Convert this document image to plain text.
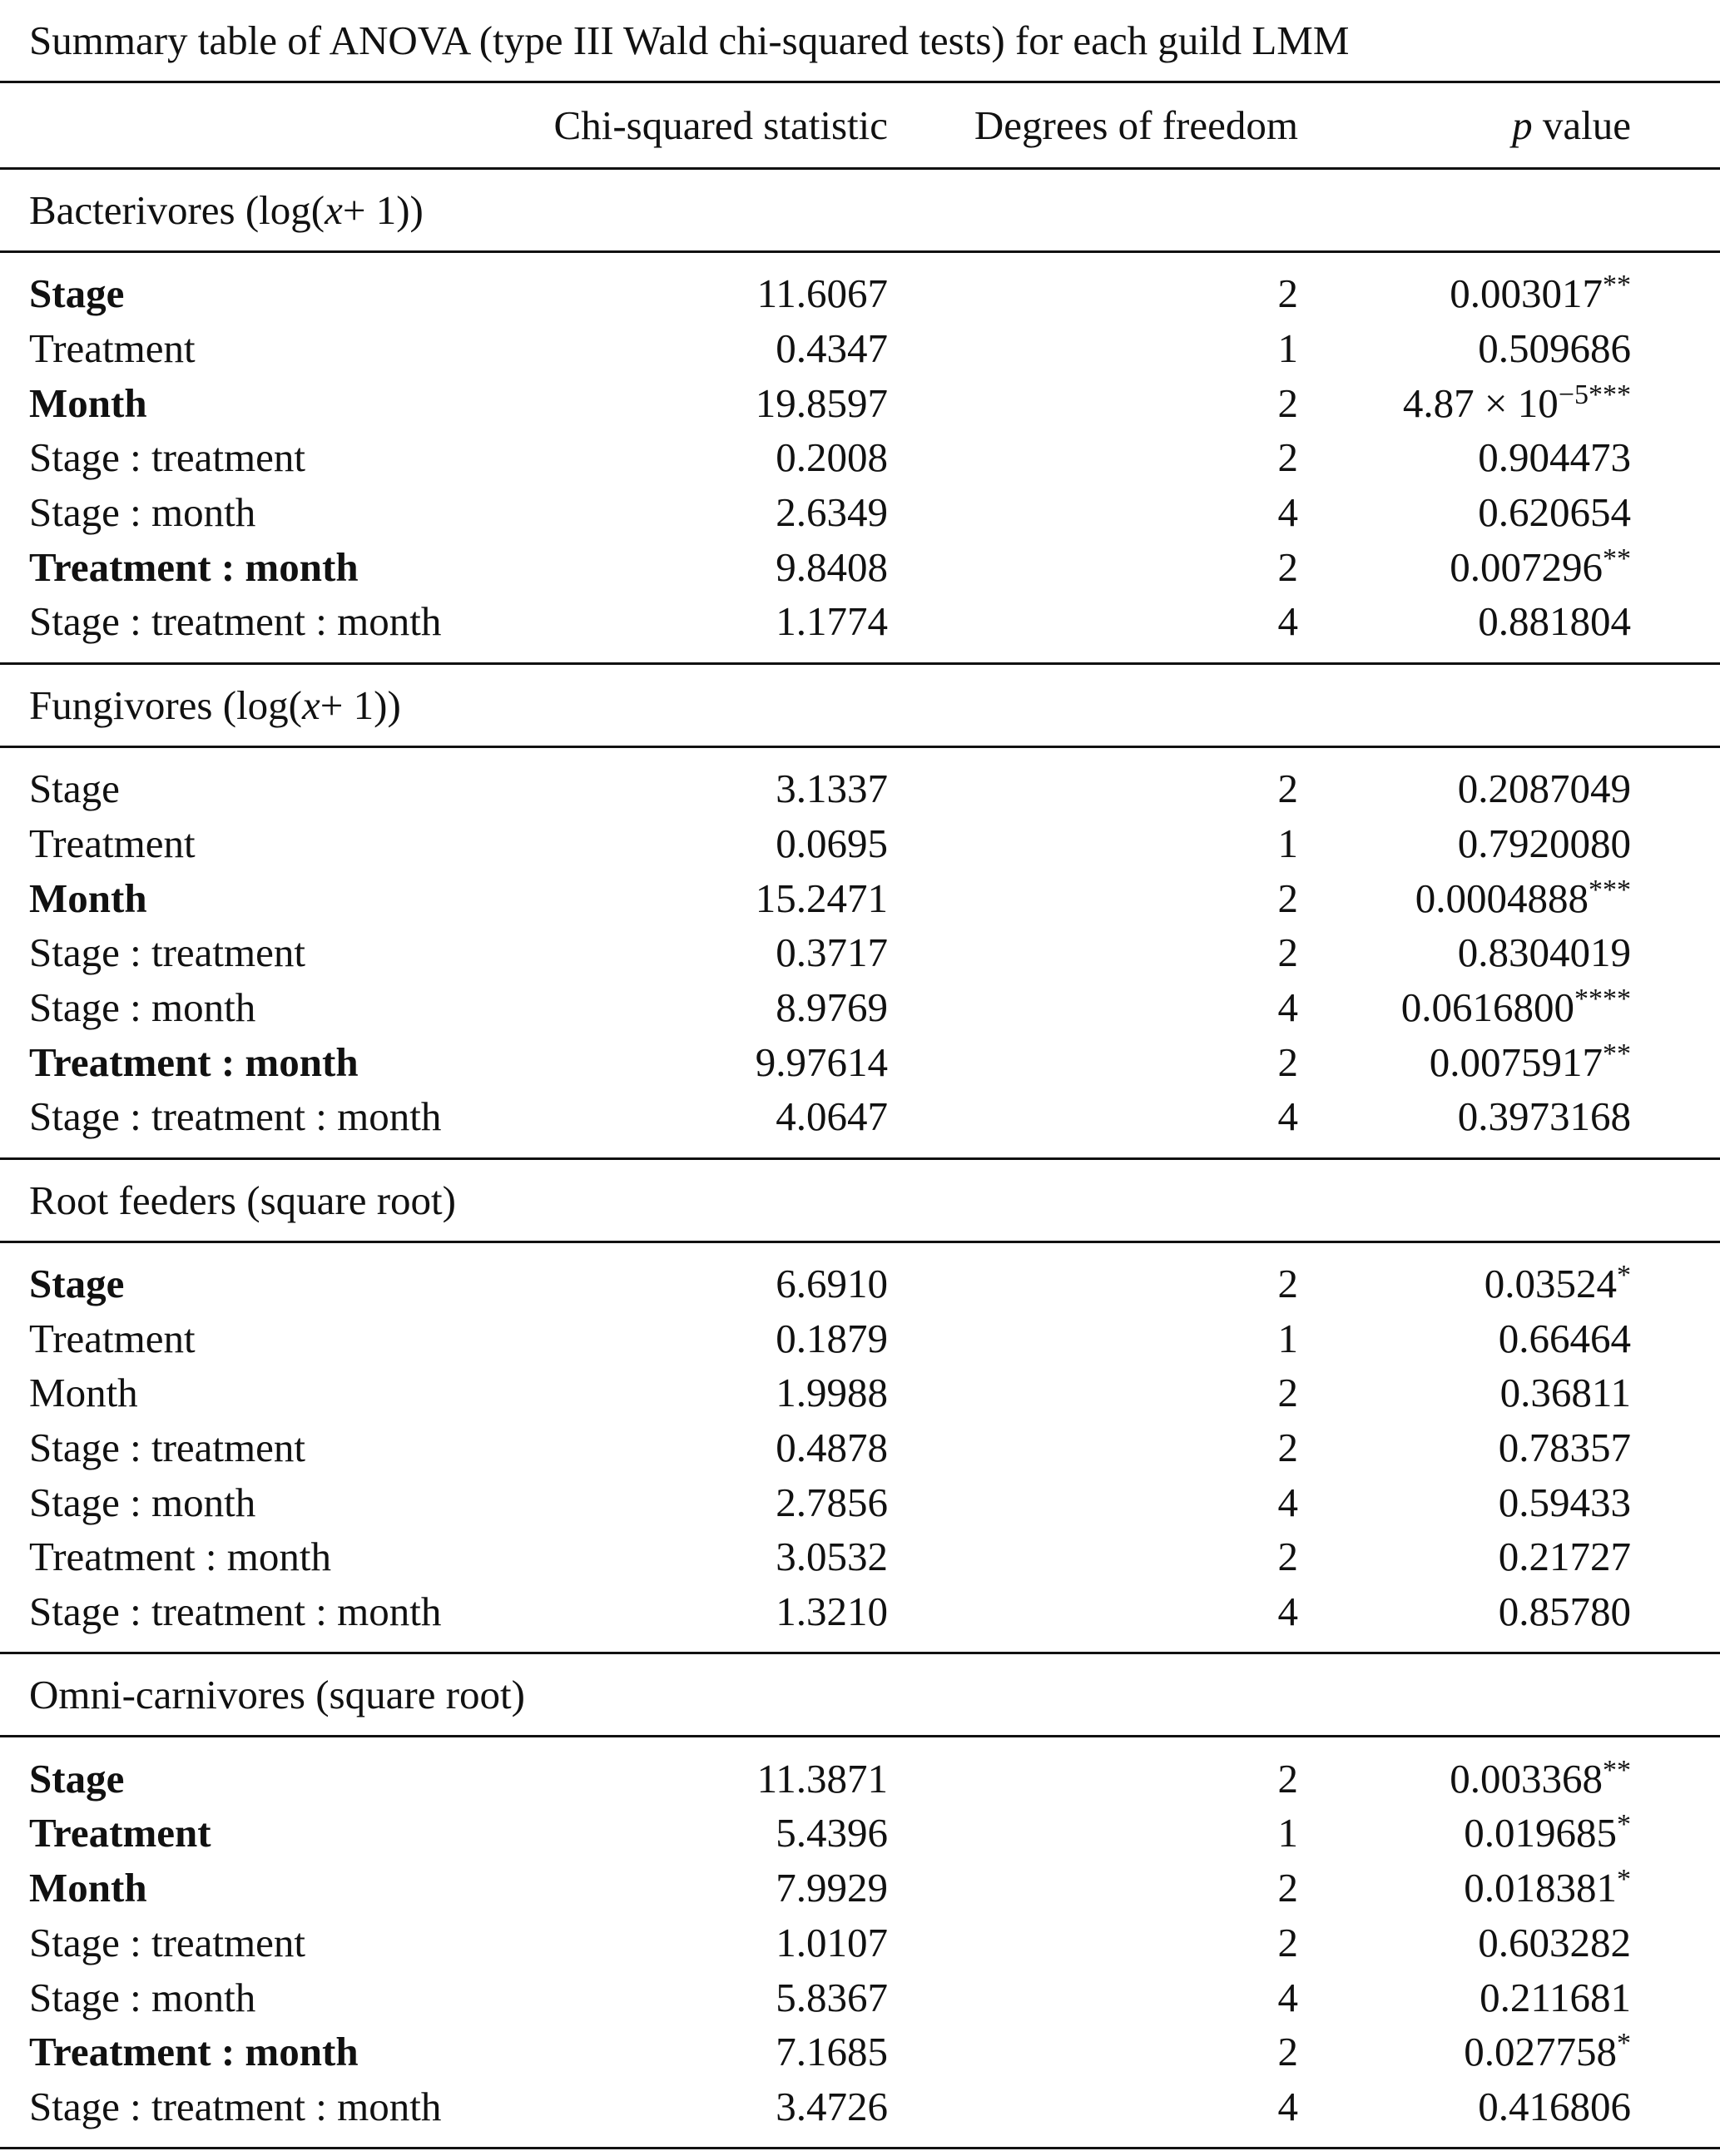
Summary table of ANOVA (type III Wald chi-squared tests) for each guild LMM
Chi-squared statistic	Degrees of freedom	p value
Bacterivores (log( x + 1))
Stage	11.6067	2	0.003017**
Treatment	0.4347	1	0.509686
Month	19.8597	2	$4.87 \times 10^{-5***}$
Stage : treatment	0.2008	2	0.904473
Stage : month	2.6349	4	0.620654
Treatment : month	9.8408	2	0.007296**
Stage : treatment : month	1.1774	4	0.881804
Fungivores (log( x + 1))
Stage	3.1337	2	0.2087049
Treatment	0.0695	1	0.7920080
Month	15.2471	2	0.0004888***
Stage : treatment	0.3717	2	0.8304019
Stage : month	8.9769	4	0.0616800****
Treatment : month	9.97614	2	0.0075917**
Stage : treatment : month	4.0647	4	0.3973168
Root feeders (square root)
Stage	6.6910	2	0.03524*
Treatment	0.1879	1	0.66464
Month	1.9988	2	0.36811
Stage : treatment	0.4878	2	0.78357
Stage : month	2.7856	4	0.59433
Treatment : month	3.0532	2	0.21727
Stage : treatment : month	1.3210	4	0.85780
Omni-carnivores (square root)
Stage	11.3871	2	0.003368**
Treatment	5.4396	1	0.019685*
Month	7.9929	2	0.018381*
Stage : treatment	1.0107	2	0.603282
Stage : month	5.8367	4	0.211681
Treatment : month	7.1685	2	0.027758*
Stage : treatment : month	3.4726	4	0.416806
